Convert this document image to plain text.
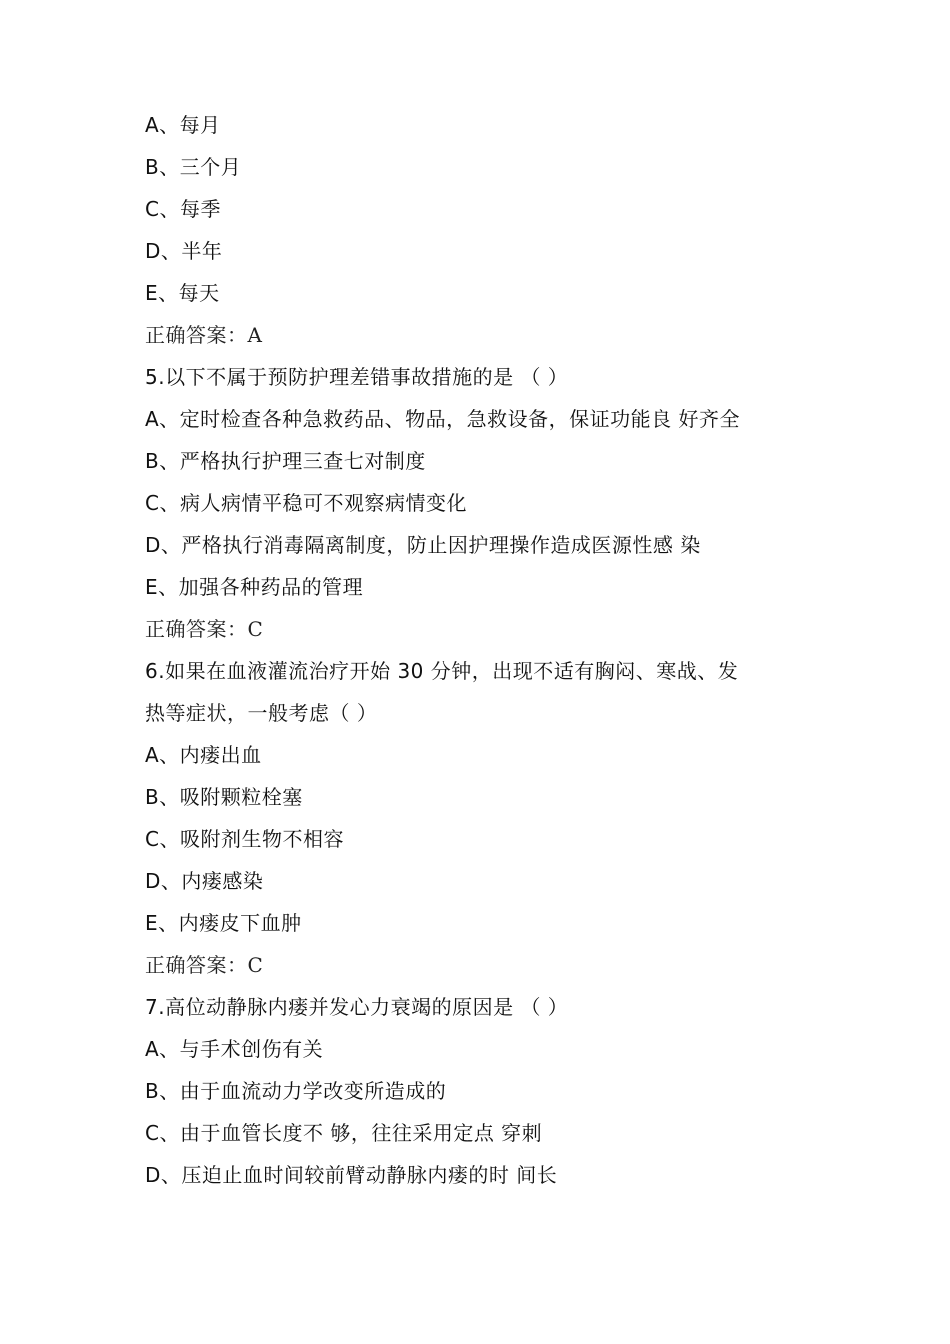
A、每月
B、三个月
C、每季
D、半年
E、每天
正确答案：A
5.以下不属于预防护理差错事故措施的是 （ ）
A、定时检查各种急救药品、物品，急救设备，保证功能良 好齐全
B、严格执行护理三查七对制度
C、病人病情平稳可不观察病情变化
D、严格执行消毒隔离制度，防止因护理操作造成医源性感 染
E、加强各种药品的管理
正确答案：C
6.如果在血液灌流治疗开始 30 分钟，出现不适有胸闷、寒战、发
热等症状，一般考虑（ ）
A、内瘘出血
B、吸附颗粒栓塞
C、吸附剂生物不相容
D、内瘘感染
E、内瘘皮下血肿
正确答案：C
7.高位动静脉内瘘并发心力衰竭的原因是 （ ）
A、与手术创伤有关
B、由于血流动力学改变所造成的
C、由于血管长度不 够，往往采用定点 穿刺
D、压迫止血时间较前臂动静脉内瘘的时 间长
